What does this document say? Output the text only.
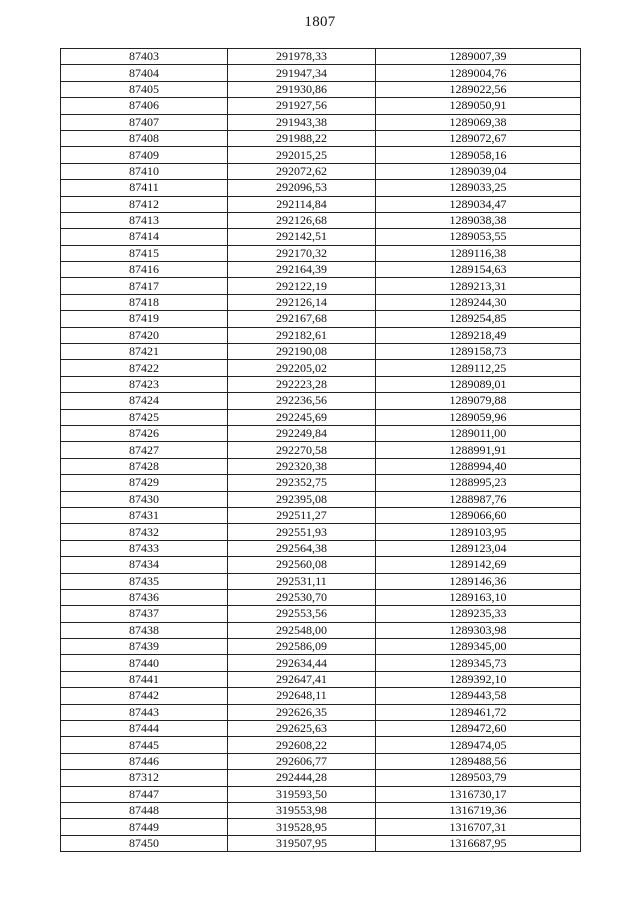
1807
87403	291978,33	1289007,39
87404	291947,34	1289004,76
87405	291930,86	1289022,56
87406	291927,56	1289050,91
87407	291943,38	1289069,38
87408	291988,22	1289072,67
87409	292015,25	1289058,16
87410	292072,62	1289039,04
87411	292096,53	1289033,25
87412	292114,84	1289034,47
87413	292126,68	1289038,38
87414	292142,51	1289053,55
87415	292170,32	1289116,38
87416	292164,39	1289154,63
87417	292122,19	1289213,31
87418	292126,14	1289244,30
87419	292167,68	1289254,85
87420	292182,61	1289218,49
87421	292190,08	1289158,73
87422	292205,02	1289112,25
87423	292223,28	1289089,01
87424	292236,56	1289079,88
87425	292245,69	1289059,96
87426	292249,84	1289011,00
87427	292270,58	1288991,91
87428	292320,38	1288994,40
87429	292352,75	1288995,23
87430	292395,08	1288987,76
87431	292511,27	1289066,60
87432	292551,93	1289103,95
87433	292564,38	1289123,04
87434	292560,08	1289142,69
87435	292531,11	1289146,36
87436	292530,70	1289163,10
87437	292553,56	1289235,33
87438	292548,00	1289303,98
87439	292586,09	1289345,00
87440	292634,44	1289345,73
87441	292647,41	1289392,10
87442	292648,11	1289443,58
87443	292626,35	1289461,72
87444	292625,63	1289472,60
87445	292608,22	1289474,05
87446	292606,77	1289488,56
87312	292444,28	1289503,79
87447	319593,50	1316730,17
87448	319553,98	1316719,36
87449	319528,95	1316707,31
87450	319507,95	1316687,95
